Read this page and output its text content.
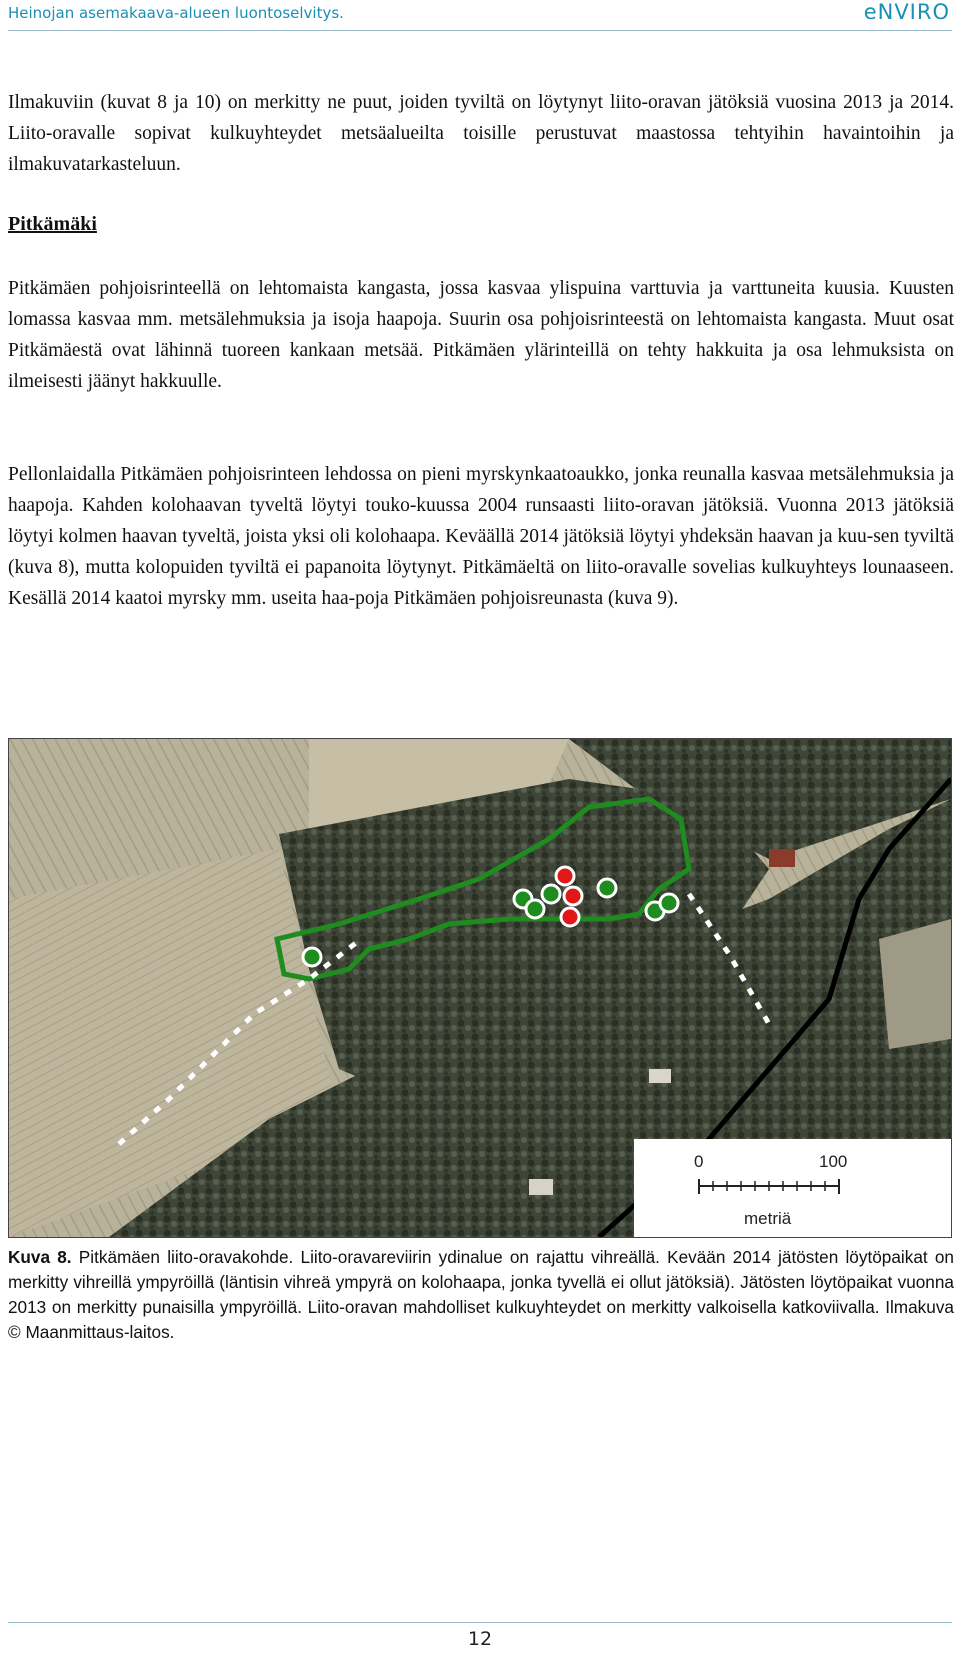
Heinojan asemakaava-alueen luontoselvitys.	eNVIRO

Ilmakuviin (kuvat 8 ja 10) on merkitty ne puut, joiden tyviltä on löytynyt liito-oravan jätöksiä vuosina 2013 ja 2014. Liito-oravalle sopivat kulkuyhteydet metsäalueilta toisille perustuvat maastossa tehtyihin havaintoihin ja ilmakuvatarkasteluun.

Pitkämäki

Pitkämäen pohjoisrinteellä on lehtomaista kangasta, jossa kasvaa ylispuina varttuvia ja varttuneita kuusia. Kuusten lomassa kasvaa mm. metsälehmuksia ja isoja haapoja. Suurin osa pohjoisrinteestä on lehtomaista kangasta. Muut osat Pitkämäestä ovat lähinnä tuoreen kankaan metsää. Pitkämäen ylärinteillä on tehty hakkuita ja osa lehmuksista on ilmeisesti jäänyt hakkuulle.

Pellonlaidalla Pitkämäen pohjoisrinteen lehdossa on pieni myrskynkaatoaukko, jonka reunalla kasvaa metsälehmuksia ja haapoja. Kahden kolohaavan tyveltä löytyi touko-kuussa 2004 runsaasti liito-oravan jätöksiä. Vuonna 2013 jätöksiä löytyi kolmen haavan tyveltä, joista yksi oli kolohaapa. Keväällä 2014 jätöksiä löytyi yhdeksän haavan ja kuu-sen tyviltä (kuva 8), mutta kolopuiden tyviltä ei papanoita löytynyt. Pitkämäeltä on liito-oravalle sovelias kulkuyhteys lounaaseen. Kesällä 2014 kaatoi myrsky mm. useita haa-poja Pitkämäen pohjoisreunasta (kuva 9).

0	100
metriä

Kuva 8. Pitkämäen liito-oravakohde. Liito-oravareviirin ydinalue on rajattu vihreällä. Kevään 2014 jätösten löytöpaikat on merkitty vihreillä ympyröillä (läntisin vihreä ympyrä on kolohaapa, jonka tyvellä ei ollut jätöksiä). Jätösten löytöpaikat vuonna 2013 on merkitty punaisilla ympyröillä. Liito-oravan mahdolliset kulkuyhteydet on merkitty valkoisella katkoviivalla. Ilmakuva © Maanmittaus-laitos.

12
